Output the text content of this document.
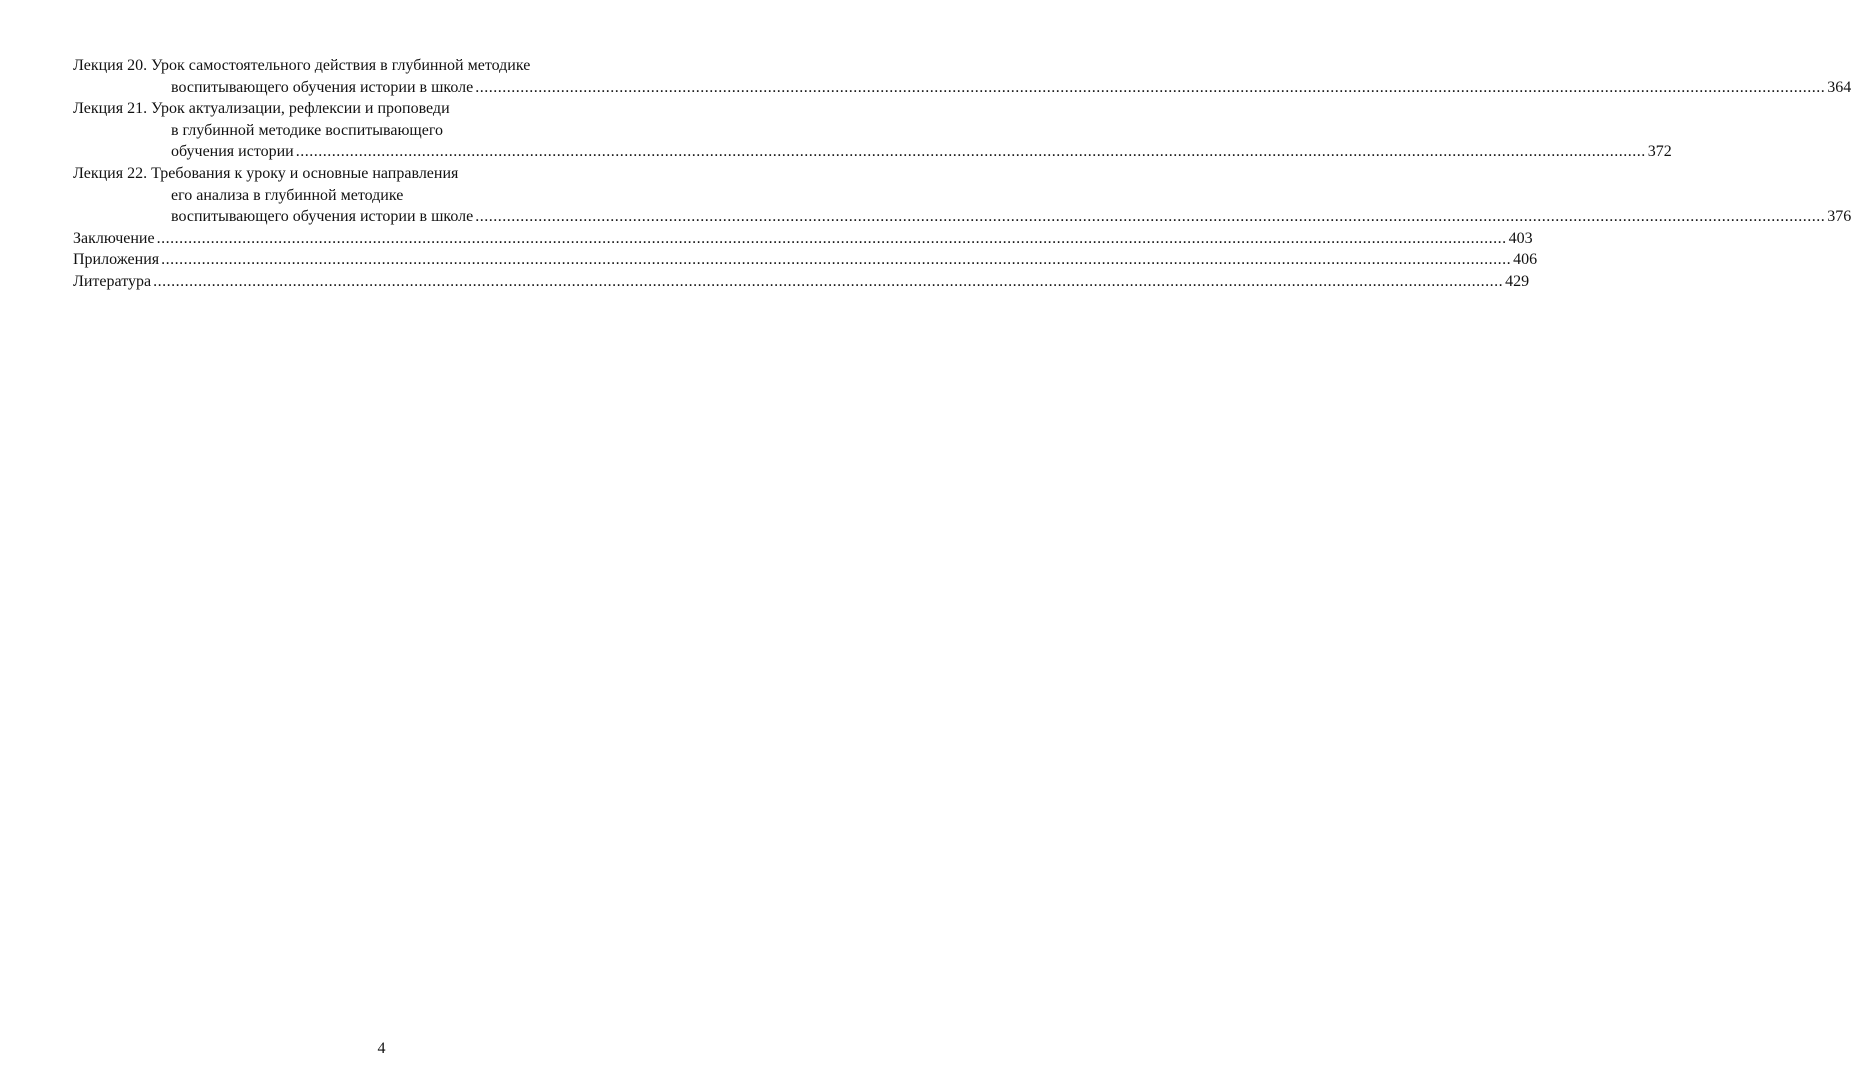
Лекция 20. Урок самостоятельного действия в глубинной методике
воспитывающего обучения истории в школе ............................................................................................................................................................................................................................................................................................................ 364
Лекция 21. Урок актуализации, рефлексии и проповеди
в глубинной методике воспитывающего
обучения истории ............................................................................................................................................................................................................................................................................................................ 372
Лекция 22. Требования к уроку и основные направления
его анализа в глубинной методике
воспитывающего обучения истории в школе ............................................................................................................................................................................................................................................................................................................ 376
Заключение ............................................................................................................................................................................................................................................................................................................ 403
Приложения ............................................................................................................................................................................................................................................................................................................ 406
Литература ............................................................................................................................................................................................................................................................................................................ 429
4
